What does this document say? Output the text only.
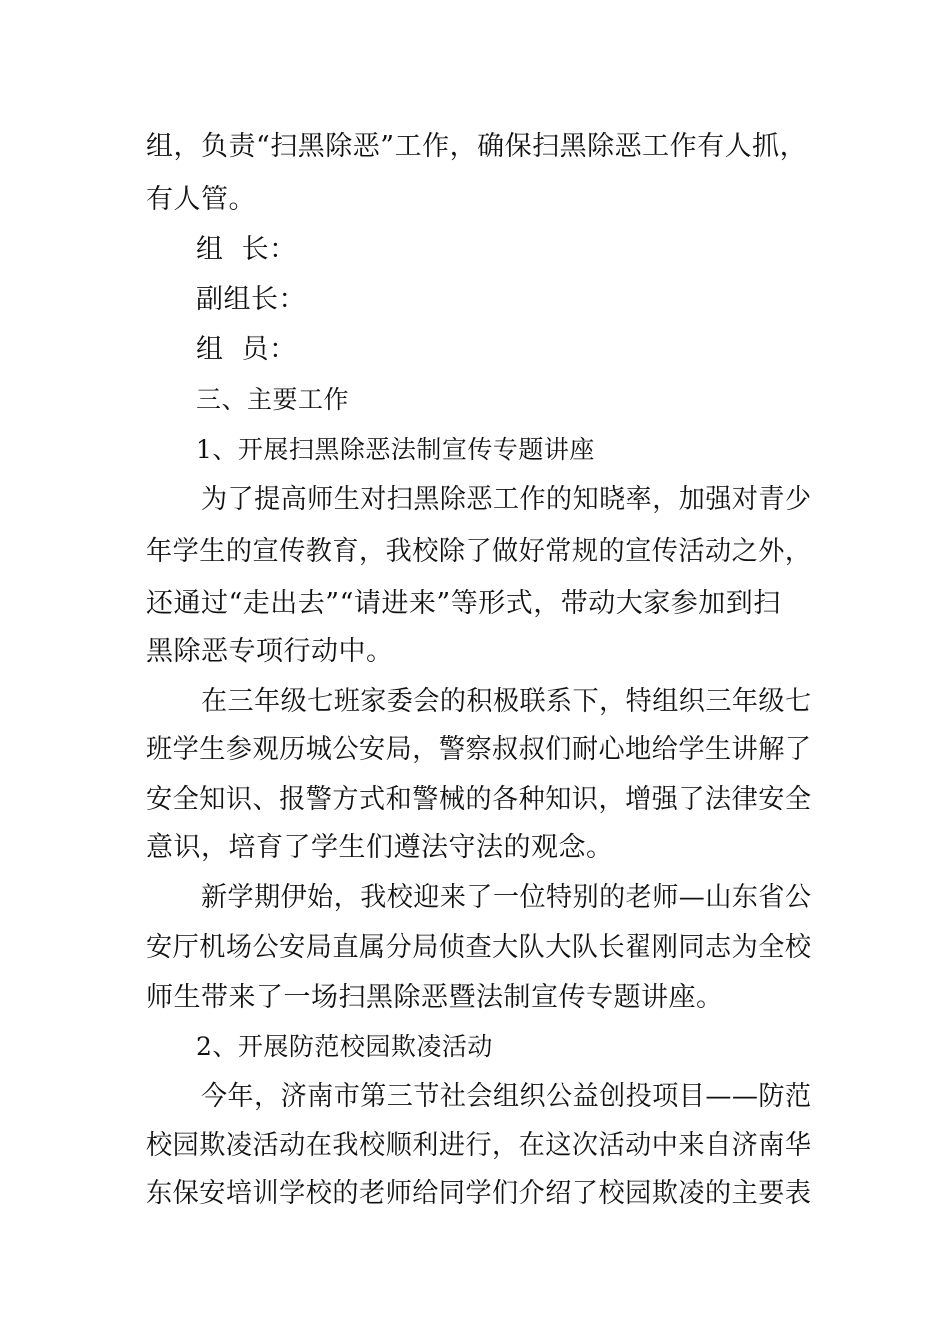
组，负责“扫黑除恶”工作，确保扫黑除恶工作有人抓，
有人管。
组  长：
副组长：
组  员：
三、主要工作
1、开展扫黑除恶法制宣传专题讲座
为了提高师生对扫黑除恶工作的知晓率，加强对青少
年学生的宣传教育，我校除了做好常规的宣传活动之外，
还通过“走出去”“请进来”等形式，带动大家参加到扫
黑除恶专项行动中。
在三年级七班家委会的积极联系下，特组织三年级七
班学生参观历城公安局，警察叔叔们耐心地给学生讲解了
安全知识、报警方式和警械的各种知识，增强了法律安全
意识，培育了学生们遵法守法的观念。
新学期伊始，我校迎来了一位特别的老师—山东省公
安厅机场公安局直属分局侦查大队大队长翟刚同志为全校
师生带来了一场扫黑除恶暨法制宣传专题讲座。
2、开展防范校园欺凌活动
今年，济南市第三节社会组织公益创投项目——防范
校园欺凌活动在我校顺利进行，在这次活动中来自济南华
东保安培训学校的老师给同学们介绍了校园欺凌的主要表
